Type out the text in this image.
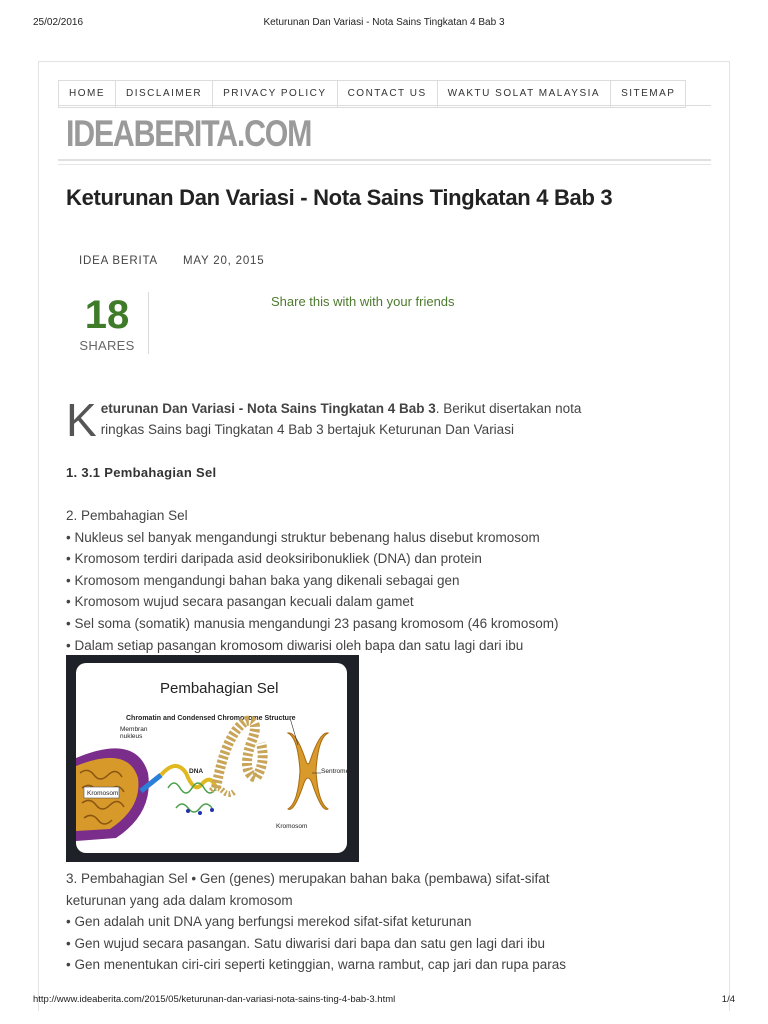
25/02/2016	Keturunan Dan Variasi - Nota Sains Tingkatan 4 Bab 3
HOME	DISCLAIMER	PRIVACY POLICY	CONTACT US	WAKTU SOLAT MALAYSIA	SITEMAP
IDEABERITA.COM
Keturunan Dan Variasi - Nota Sains Tingkatan 4 Bab 3
IDEA BERITA MAY 20, 2015
18
SHARES
Share this with with your friends
K eturunan Dan Variasi - Nota Sains Tingkatan 4 Bab 3. Berikut disertakan nota ringkas Sains bagi Tingkatan 4 Bab 3 bertajuk Keturunan Dan Variasi

1. 3.1 Pembahagian Sel
2. Pembahagian Sel
• Nukleus sel banyak mengandungi struktur bebenang halus disebut kromosom
• Kromosom terdiri daripada asid deoksiribonukliek (DNA) dan protein
• Kromosom mengandungi bahan baka yang dikenali sebagai gen
• Kromosom wujud secara pasangan kecuali dalam gamet
• Sel soma (somatik) manusia mengandungi 23 pasang kromosom (46 kromosom)
• Dalam setiap pasangan kromosom diwarisi oleh bapa dan satu lagi dari ibu
Pembahagian Sel
Chromatin and Condensed Chromosome Structure
Membran nukleus
Kromosom
DNA	Sentromer
Kromosom
3. Pembahagian Sel • Gen (genes) merupakan bahan baka (pembawa) sifat-sifat
keturunan yang ada dalam kromosom
• Gen adalah unit DNA yang berfungsi merekod sifat-sifat keturunan
• Gen wujud secara pasangan. Satu diwarisi dari bapa dan satu gen lagi dari ibu
• Gen menentukan ciri-ciri seperti ketinggian, warna rambut, cap jari dan rupa paras
http://www.ideaberita.com/2015/05/keturunan-dan-variasi-nota-sains-ting-4-bab-3.html	1/4
